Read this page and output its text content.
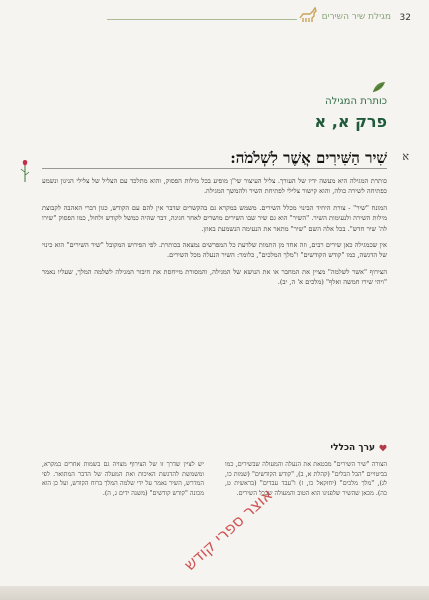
32
מגילת שיר השירים
כותרת המגילה
פרק א, א
א
שִׁיר הַשִּׁירִים אֲשֶׁר לִשְׁלֹמֹה:

כותרת המגילה היא מעשה ידיו של העורך. צליל העיצור שי"ן מופיע בכל מילות הפסוק, והוא מתלכד עם הצליל של צלילי הניגון ונשמע כפתיחה לשירה כולה, והוא קישור צלילי לפתיחת השיר ולהמשך המגילה.

המונח "שיר" - צורת היחיד הבינוי מכלל השירים. משמש במקרא גם בהקשרים שדבר אין להם עם הקודש, כגון דברי האהבה לקבוצת מילות השירה ולנעימות השיר. "השיר" הוא גם שיר שבו השירים מושרים לאחר חגיגה, דבר שהיה כמשל לקודש ולחול, כמו הפסוק "שירו לה' שיר חדש". בכל אלה השם "שיר" מתאר את הנעימה הנשמעת באוזן.

אין שכמגילה כאן שירים רבים, וזה אחד מן התמות שלדעת כל המפרשים נמצאה בכותרת. לפי הפירוש המקובל "שיר השירים" הוא כינוי של הדגשה, כמו "קודש הקודשים" ו"מלך המלכים", כלומר: השיר הנעלה מכל השירים.

הצירוף "אשר לשלמה" מציין את המחבר או את הנושא של המגילה, והמסורת מייחסת את חיבור המגילה לשלמה המלך, שעליו נאמר "ויהי שירו חמשה ואלף" (מלכים א' ה, יב).

ערך הכללי
הצורה "שיר השירים" מבטאת את הנעלה והמעולה שבשירים, כמו בביטויים "הבל הבלים" (קהלת א, ב), "קודש הקודשים" (שמות כו, לג), "מלך מלכים" (יחזקאל כו, ז) ו"עבד עבדים" (בראשית ט, כה). מכאן שהשיר שלפנינו הוא הטוב והמעולה שבכל השירים.
יש לציין שדרך זו של הצירוף מצויה גם בשמות אחרים במקרא, ומשמשת להדגשת האיכות ואת המעלה של הדבר המתואר. לפי המדרש, השיר נאמר על ידי שלמה המלך ברוח הקודש, ועל כן הוא מכונה "קודש קודשים" (משנה ידים ג, ה).
אוצר ספרי קודש
